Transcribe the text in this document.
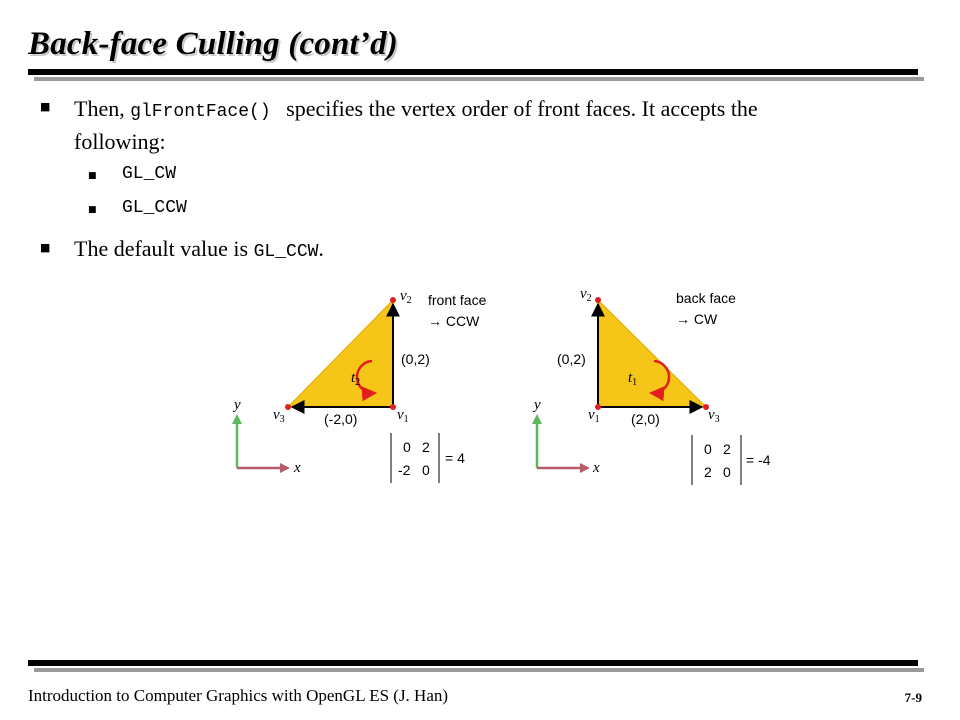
Back-face Culling (cont’d)
■ Then, glFrontFace() specifies the vertex order of front faces. It accepts the
following:
■ GL_CW
■ GL_CCW
■ The default value is GL_CCW.
$t_2$
$v_2$
$v_1$
$v_3$
(0,2)
(-2,0)
front face
→ CCW
0 2
-2 0
= 4
y
x
$t_1$
$v_2$
$v_1$	$v_3$
(0,2)
(2,0)
back face
→ CW
0 2
2 0
= -4
y
x
Introduction to Computer Graphics with OpenGL ES (J. Han)	7-9
